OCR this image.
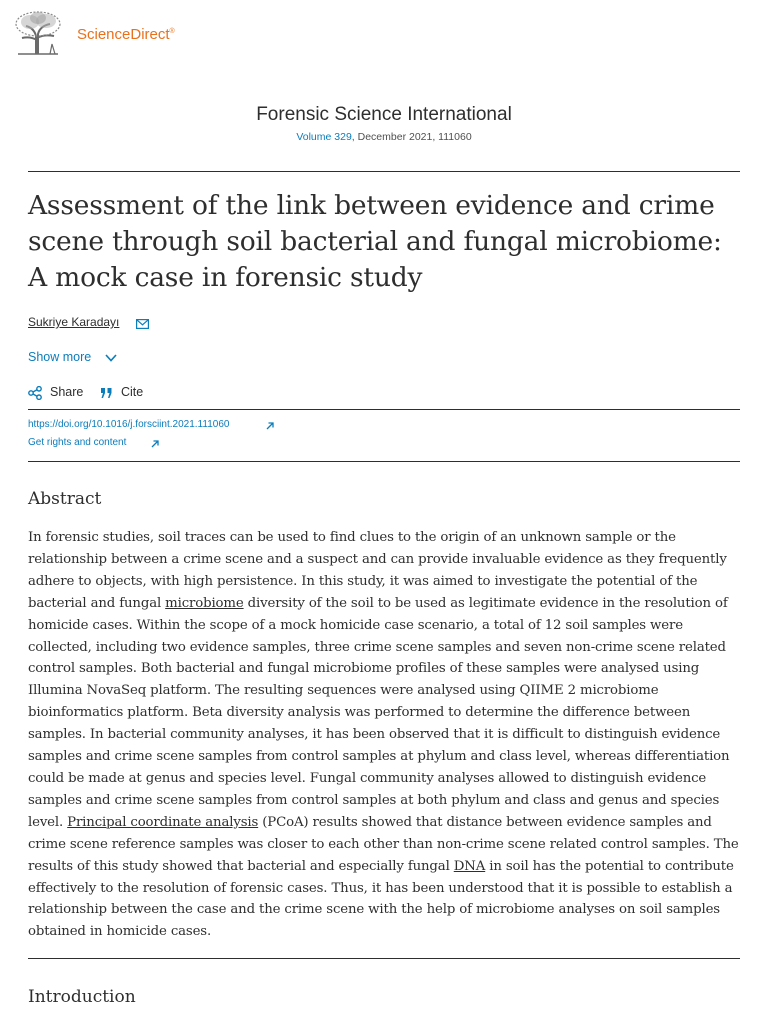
ScienceDirect®
Forensic Science International
Volume 329, December 2021, 111060
Assessment of the link between evidence and crime scene through soil bacterial and fungal microbiome: A mock case in forensic study
Sukriye Karadayı
Show more
Share	Cite
https://doi.org/10.1016/j.forsciint.2021.111060
Get rights and content
Abstract
In forensic studies, soil traces can be used to find clues to the origin of an unknown sample or the
relationship between a crime scene and a suspect and can provide invaluable evidence as they frequently
adhere to objects, with high persistence. In this study, it was aimed to investigate the potential of the
bacterial and fungal microbiome diversity of the soil to be used as legitimate evidence in the resolution of
homicide cases. Within the scope of a mock homicide case scenario, a total of 12 soil samples were
collected, including two evidence samples, three crime scene samples and seven non-crime scene related
control samples. Both bacterial and fungal microbiome profiles of these samples were analysed using
Illumina NovaSeq platform. The resulting sequences were analysed using QIIME 2 microbiome
bioinformatics platform. Beta diversity analysis was performed to determine the difference between
samples. In bacterial community analyses, it has been observed that it is difficult to distinguish evidence
samples and crime scene samples from control samples at phylum and class level, whereas differentiation
could be made at genus and species level. Fungal community analyses allowed to distinguish evidence
samples and crime scene samples from control samples at both phylum and class and genus and species
level. Principal coordinate analysis (PCoA) results showed that distance between evidence samples and
crime scene reference samples was closer to each other than non-crime scene related control samples. The
results of this study showed that bacterial and especially fungal DNA in soil has the potential to contribute
effectively to the resolution of forensic cases. Thus, it has been understood that it is possible to establish a
relationship between the case and the crime scene with the help of microbiome analyses on soil samples
obtained in homicide cases.
Introduction
